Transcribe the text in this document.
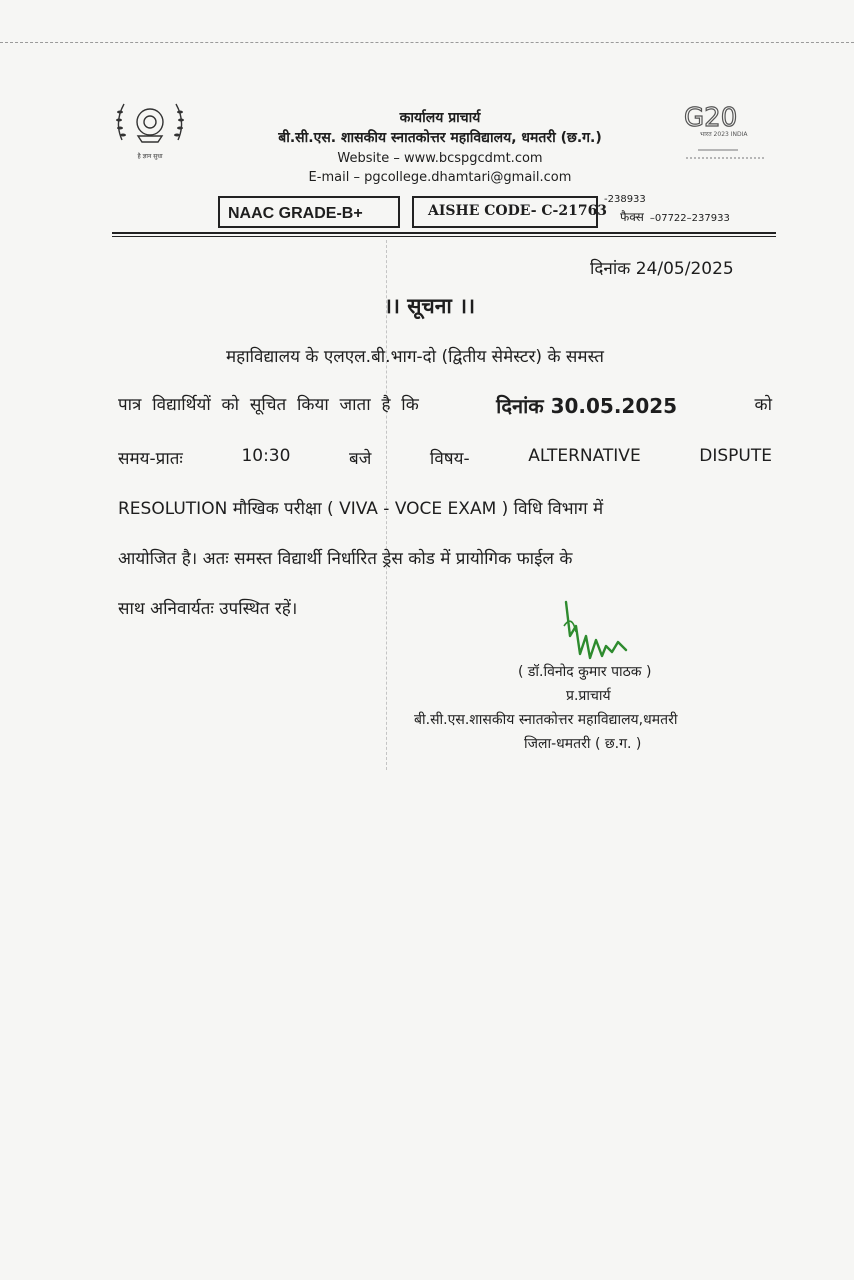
है ज्ञान सुधा
G20
भारत 2023 INDIA
कार्यालय प्राचार्य
बी.सी.एस. शासकीय स्नातकोत्तर महाविद्यालय, धमतरी (छ.ग.)
Website – www.bcspgcdmt.com
E-mail – pgcollege.dhamtari@gmail.com
NAAC GRADE-B+	AISHE CODE- C-21763
-238933
फैक्स –07722–237933
दिनांक 24/05/2025
।। सूचना ।।
महाविद्यालय के एलएल.बी.भाग-दो (द्वितीय सेमेस्टर) के समस्त
पात्र  विद्यार्थियों  को  सूचित  किया  जाता  है  कि	दिनांक 30.05.2025	को
समय-प्रातः	10:30	बजे	विषय-	ALTERNATIVE	DISPUTE
RESOLUTION मौखिक परीक्षा ( VIVA - VOCE EXAM ) विधि विभाग में
आयोजित है। अतः समस्त विद्यार्थी निर्धारित ड्रेस कोड में प्रायोगिक फाईल के
साथ अनिवार्यतः उपस्थित रहें।
( डॉ.विनोद कुमार पाठक )
प्र.प्राचार्य
बी.सी.एस.शासकीय स्नातकोत्तर महाविद्यालय,धमतरी
जिला-धमतरी ( छ.ग. )
